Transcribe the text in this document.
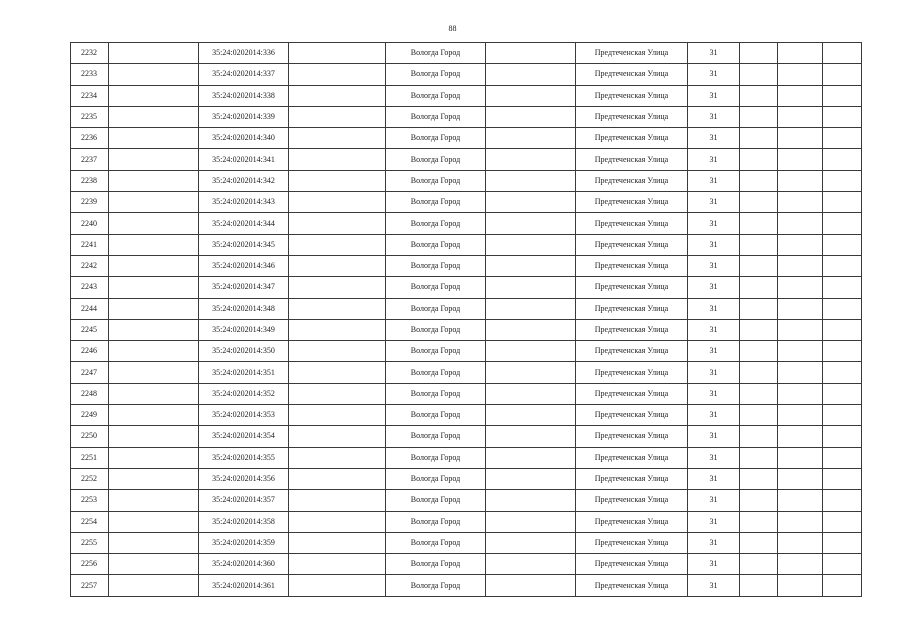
88
2232		35:24:0202014:336		Вологда Город		Предтеченская Улица	31			
2233		35:24:0202014:337		Вологда Город		Предтеченская Улица	31			
2234		35:24:0202014:338		Вологда Город		Предтеченская Улица	31			
2235		35:24:0202014:339		Вологда Город		Предтеченская Улица	31			
2236		35:24:0202014:340		Вологда Город		Предтеченская Улица	31			
2237		35:24:0202014:341		Вологда Город		Предтеченская Улица	31			
2238		35:24:0202014:342		Вологда Город		Предтеченская Улица	31			
2239		35:24:0202014:343		Вологда Город		Предтеченская Улица	31			
2240		35:24:0202014:344		Вологда Город		Предтеченская Улица	31			
2241		35:24:0202014:345		Вологда Город		Предтеченская Улица	31			
2242		35:24:0202014:346		Вологда Город		Предтеченская Улица	31			
2243		35:24:0202014:347		Вологда Город		Предтеченская Улица	31			
2244		35:24:0202014:348		Вологда Город		Предтеченская Улица	31			
2245		35:24:0202014:349		Вологда Город		Предтеченская Улица	31			
2246		35:24:0202014:350		Вологда Город		Предтеченская Улица	31			
2247		35:24:0202014:351		Вологда Город		Предтеченская Улица	31			
2248		35:24:0202014:352		Вологда Город		Предтеченская Улица	31			
2249		35:24:0202014:353		Вологда Город		Предтеченская Улица	31			
2250		35:24:0202014:354		Вологда Город		Предтеченская Улица	31			
2251		35:24:0202014:355		Вологда Город		Предтеченская Улица	31			
2252		35:24:0202014:356		Вологда Город		Предтеченская Улица	31			
2253		35:24:0202014:357		Вологда Город		Предтеченская Улица	31			
2254		35:24:0202014:358		Вологда Город		Предтеченская Улица	31			
2255		35:24:0202014:359		Вологда Город		Предтеченская Улица	31			
2256		35:24:0202014:360		Вологда Город		Предтеченская Улица	31			
2257		35:24:0202014:361		Вологда Город		Предтеченская Улица	31			
